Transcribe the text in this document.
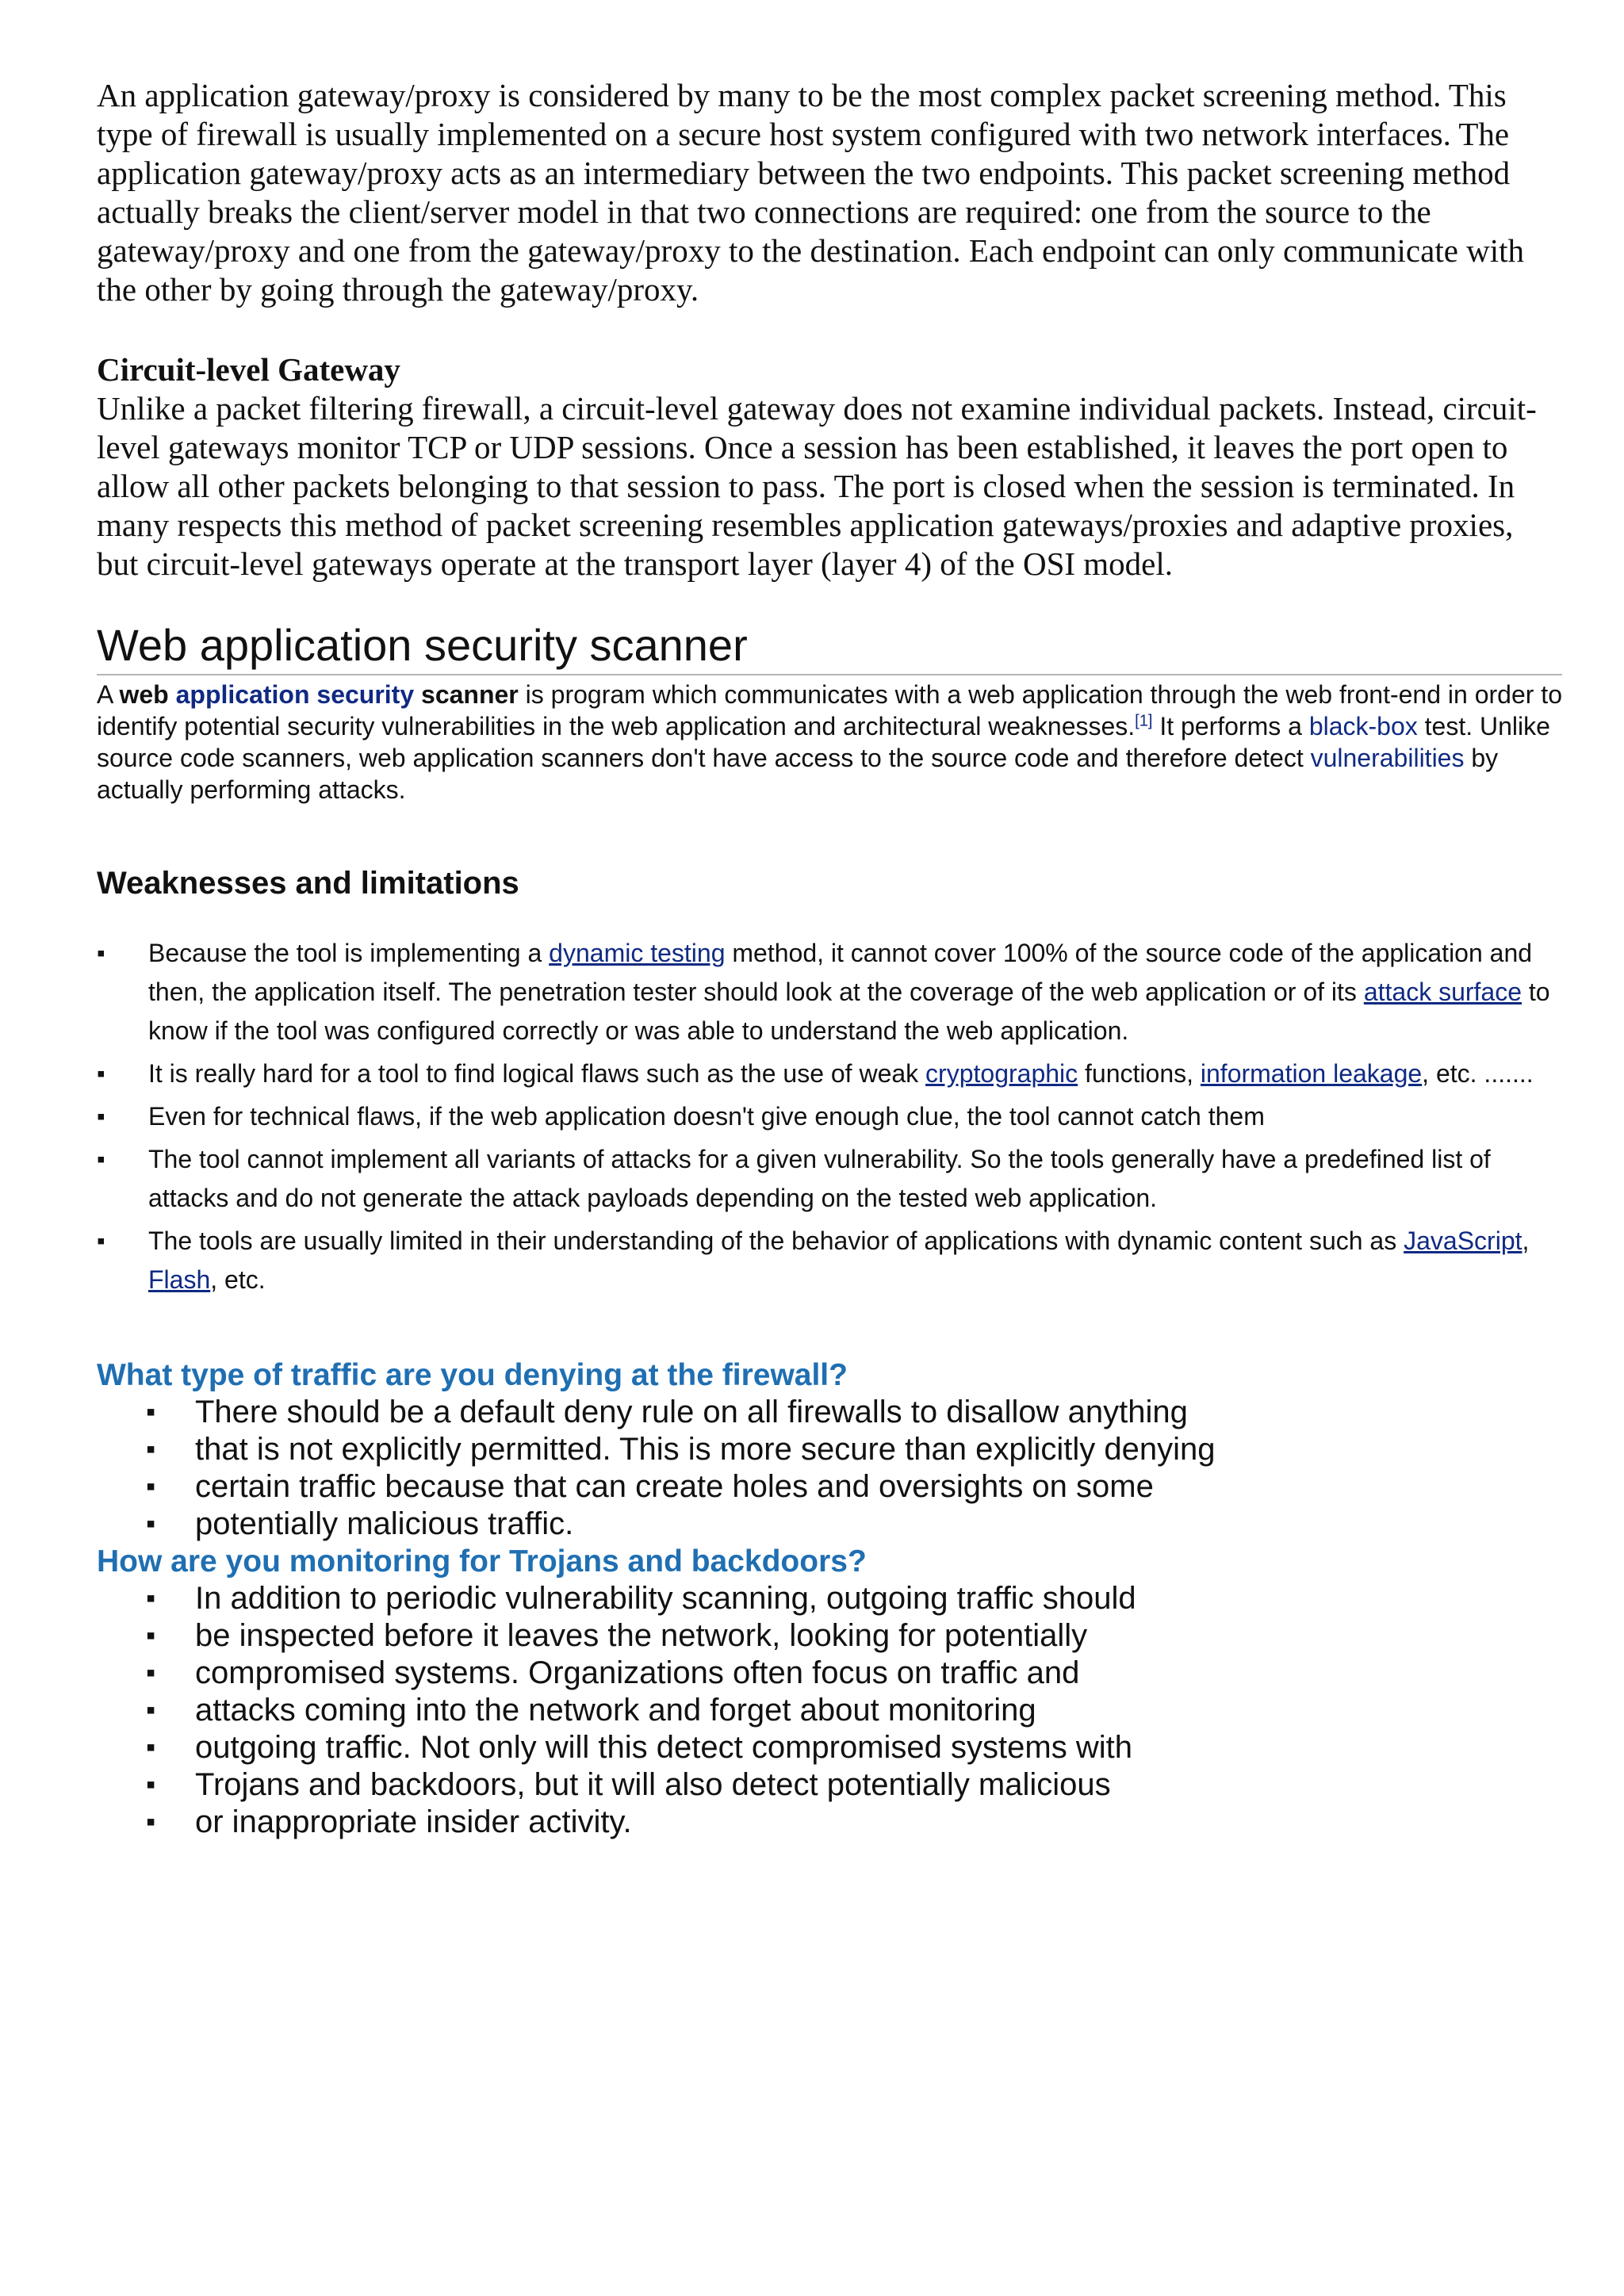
An application gateway/proxy is considered by many to be the most complex packet screening method. This type of firewall is usually implemented on a secure host system configured with two network interfaces. The application gateway/proxy acts as an intermediary between the two endpoints. This packet screening method actually breaks the client/server model in that two connections are required: one from the source to the gateway/proxy and one from the gateway/proxy to the destination. Each endpoint can only communicate with the other by going through the gateway/proxy.

Circuit-level Gateway

Unlike a packet filtering firewall, a circuit-level gateway does not examine individual packets. Instead, circuit-level gateways monitor TCP or UDP sessions. Once a session has been established, it leaves the port open to allow all other packets belonging to that session to pass. The port is closed when the session is terminated. In many respects this method of packet screening resembles application gateways/proxies and adaptive proxies, but circuit-level gateways operate at the transport layer (layer 4) of the OSI model.

Web application security scanner

A web application security scanner is program which communicates with a web application through the web front-end in order to identify potential security vulnerabilities in the web application and architectural weaknesses.[1] It performs a black-box test. Unlike source code scanners, web application scanners don't have access to the source code and therefore detect vulnerabilities by actually performing attacks.

Weaknesses and limitations
▪ Because the tool is implementing a dynamic testing method, it cannot cover 100% of the source code of the application and then, the application itself. The penetration tester should look at the coverage of the web application or of its attack surface to know if the tool was configured correctly or was able to understand the web application.
▪ It is really hard for a tool to find logical flaws such as the use of weak cryptographic functions, information leakage, etc. .......
▪ Even for technical flaws, if the web application doesn't give enough clue, the tool cannot catch them
▪ The tool cannot implement all variants of attacks for a given vulnerability. So the tools generally have a predefined list of attacks and do not generate the attack payloads depending on the tested web application.
▪ The tools are usually limited in their understanding of the behavior of applications with dynamic content such as JavaScript, Flash, etc.
What type of traffic are you denying at the firewall?
▪ There should be a default deny rule on all firewalls to disallow anything
▪ that is not explicitly permitted. This is more secure than explicitly denying
▪ certain traffic because that can create holes and oversights on some
▪ potentially malicious traffic.
How are you monitoring for Trojans and backdoors?
▪ In addition to periodic vulnerability scanning, outgoing traffic should
▪ be inspected before it leaves the network, looking for potentially
▪ compromised systems. Organizations often focus on traffic and
▪ attacks coming into the network and forget about monitoring
▪ outgoing traffic. Not only will this detect compromised systems with
▪ Trojans and backdoors, but it will also detect potentially malicious
▪ or inappropriate insider activity.
